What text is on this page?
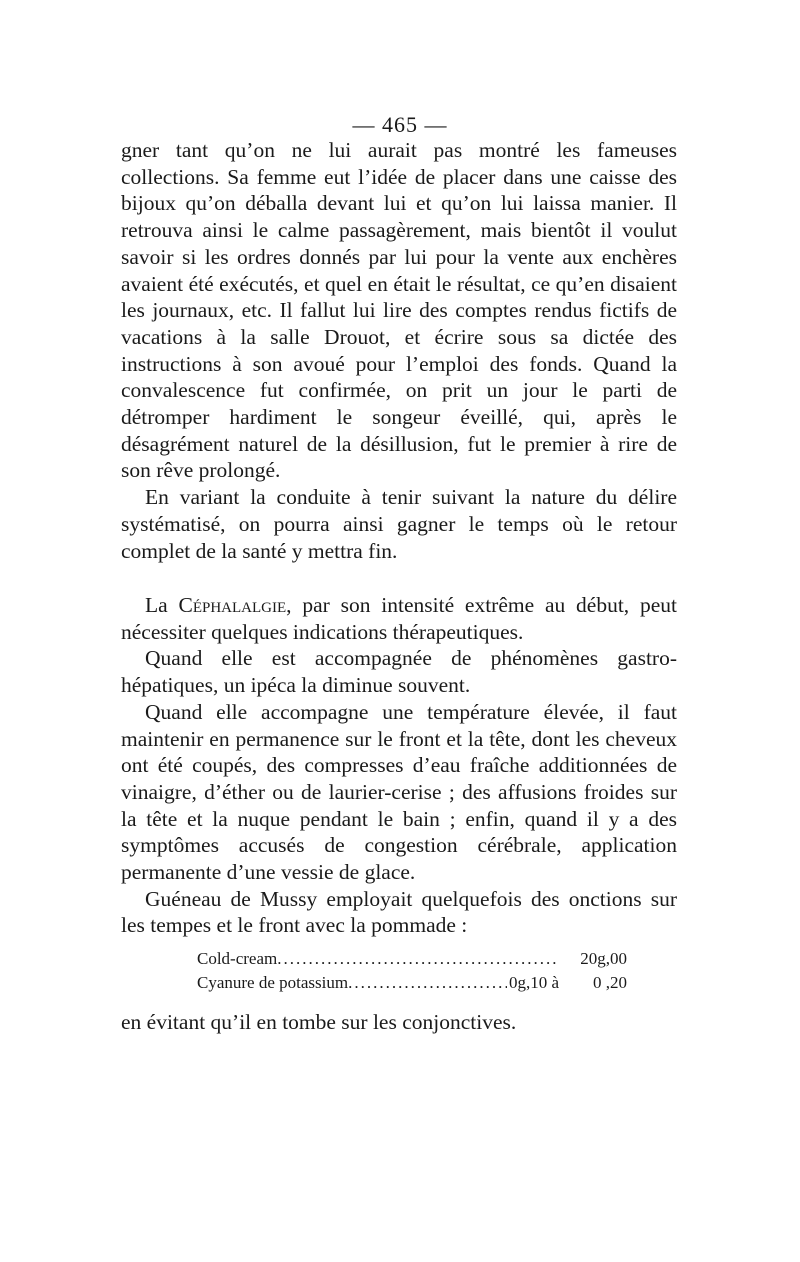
— 465 —

gner tant qu’on ne lui aurait pas montré les fameuses collections. Sa femme eut l’idée de placer dans une caisse des bijoux qu’on déballa devant lui et qu’on lui laissa manier. Il retrouva ainsi le calme passagèrement, mais bientôt il voulut savoir si les ordres donnés par lui pour la vente aux enchères avaient été exécutés, et quel en était le résultat, ce qu’en disaient les journaux, etc. Il fallut lui lire des comptes rendus fictifs de vacations à la salle Drouot, et écrire sous sa dictée des instructions à son avoué pour l’emploi des fonds. Quand la convalescence fut confirmée, on prit un jour le parti de détromper hardiment le songeur éveillé, qui, après le désagrément naturel de la désillusion, fut le premier à rire de son rêve prolongé.

En variant la conduite à tenir suivant la nature du délire systématisé, on pourra ainsi gagner le temps où le retour complet de la santé y mettra fin.

La Céphalalgie, par son intensité extrême au début, peut nécessiter quelques indications thérapeutiques.

Quand elle est accompagnée de phénomènes gastro-hépatiques, un ipéca la diminue souvent.

Quand elle accompagne une température élevée, il faut maintenir en permanence sur le front et la tête, dont les cheveux ont été coupés, des compresses d’eau fraîche additionnées de vinaigre, d’éther ou de laurier-cerise ; des affusions froides sur la tête et la nuque pendant le bain ; enfin, quand il y a des symptômes accusés de congestion cérébrale, application permanente d’une vessie de glace.

Guéneau de Mussy employait quelquefois des onctions sur les tempes et le front avec la pommade :

Cold-cream .....	20g,00
Cyanure de potassium .....	0g,10 à	0 ,20

en évitant qu’il en tombe sur les conjonctives.
